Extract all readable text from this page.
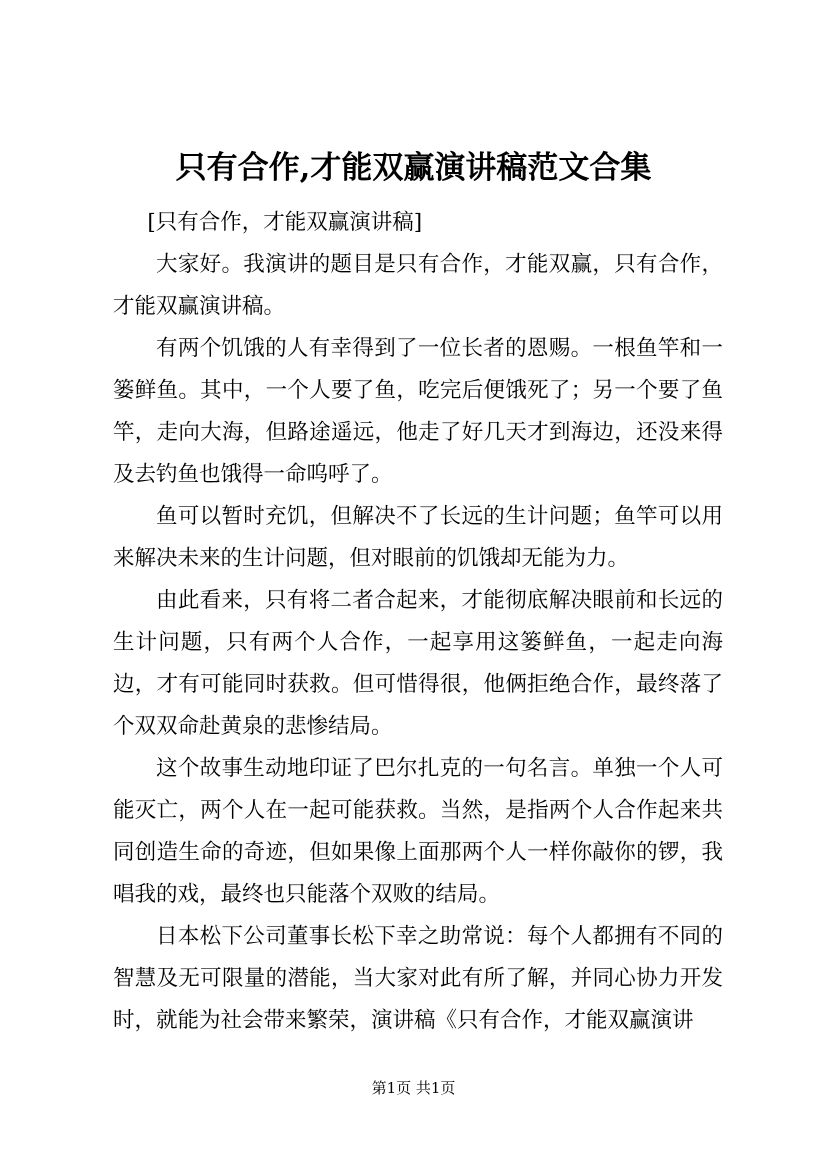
只有合作,才能双赢演讲稿范文合集

[只有合作，才能双赢演讲稿]

大家好。我演讲的题目是只有合作，才能双赢，只有合作，才能双赢演讲稿。

有两个饥饿的人有幸得到了一位长者的恩赐。一根鱼竿和一篓鲜鱼。其中，一个人要了鱼，吃完后便饿死了；另一个要了鱼竿，走向大海，但路途遥远，他走了好几天才到海边，还没来得及去钓鱼也饿得一命呜呼了。

鱼可以暂时充饥，但解决不了长远的生计问题；鱼竿可以用来解决未来的生计问题，但对眼前的饥饿却无能为力。

由此看来，只有将二者合起来，才能彻底解决眼前和长远的生计问题，只有两个人合作，一起享用这篓鲜鱼，一起走向海边，才有可能同时获救。但可惜得很，他俩拒绝合作，最终落了个双双命赴黄泉的悲惨结局。

这个故事生动地印证了巴尔扎克的一句名言。单独一个人可能灭亡，两个人在一起可能获救。当然，是指两个人合作起来共同创造生命的奇迹，但如果像上面那两个人一样你敲你的锣，我唱我的戏，最终也只能落个双败的结局。

日本松下公司董事长松下幸之助常说：每个人都拥有不同的智慧及无可限量的潜能，当大家对此有所了解，并同心协力开发时，就能为社会带来繁荣，演讲稿《只有合作，才能双赢演讲

第1页 共1页
